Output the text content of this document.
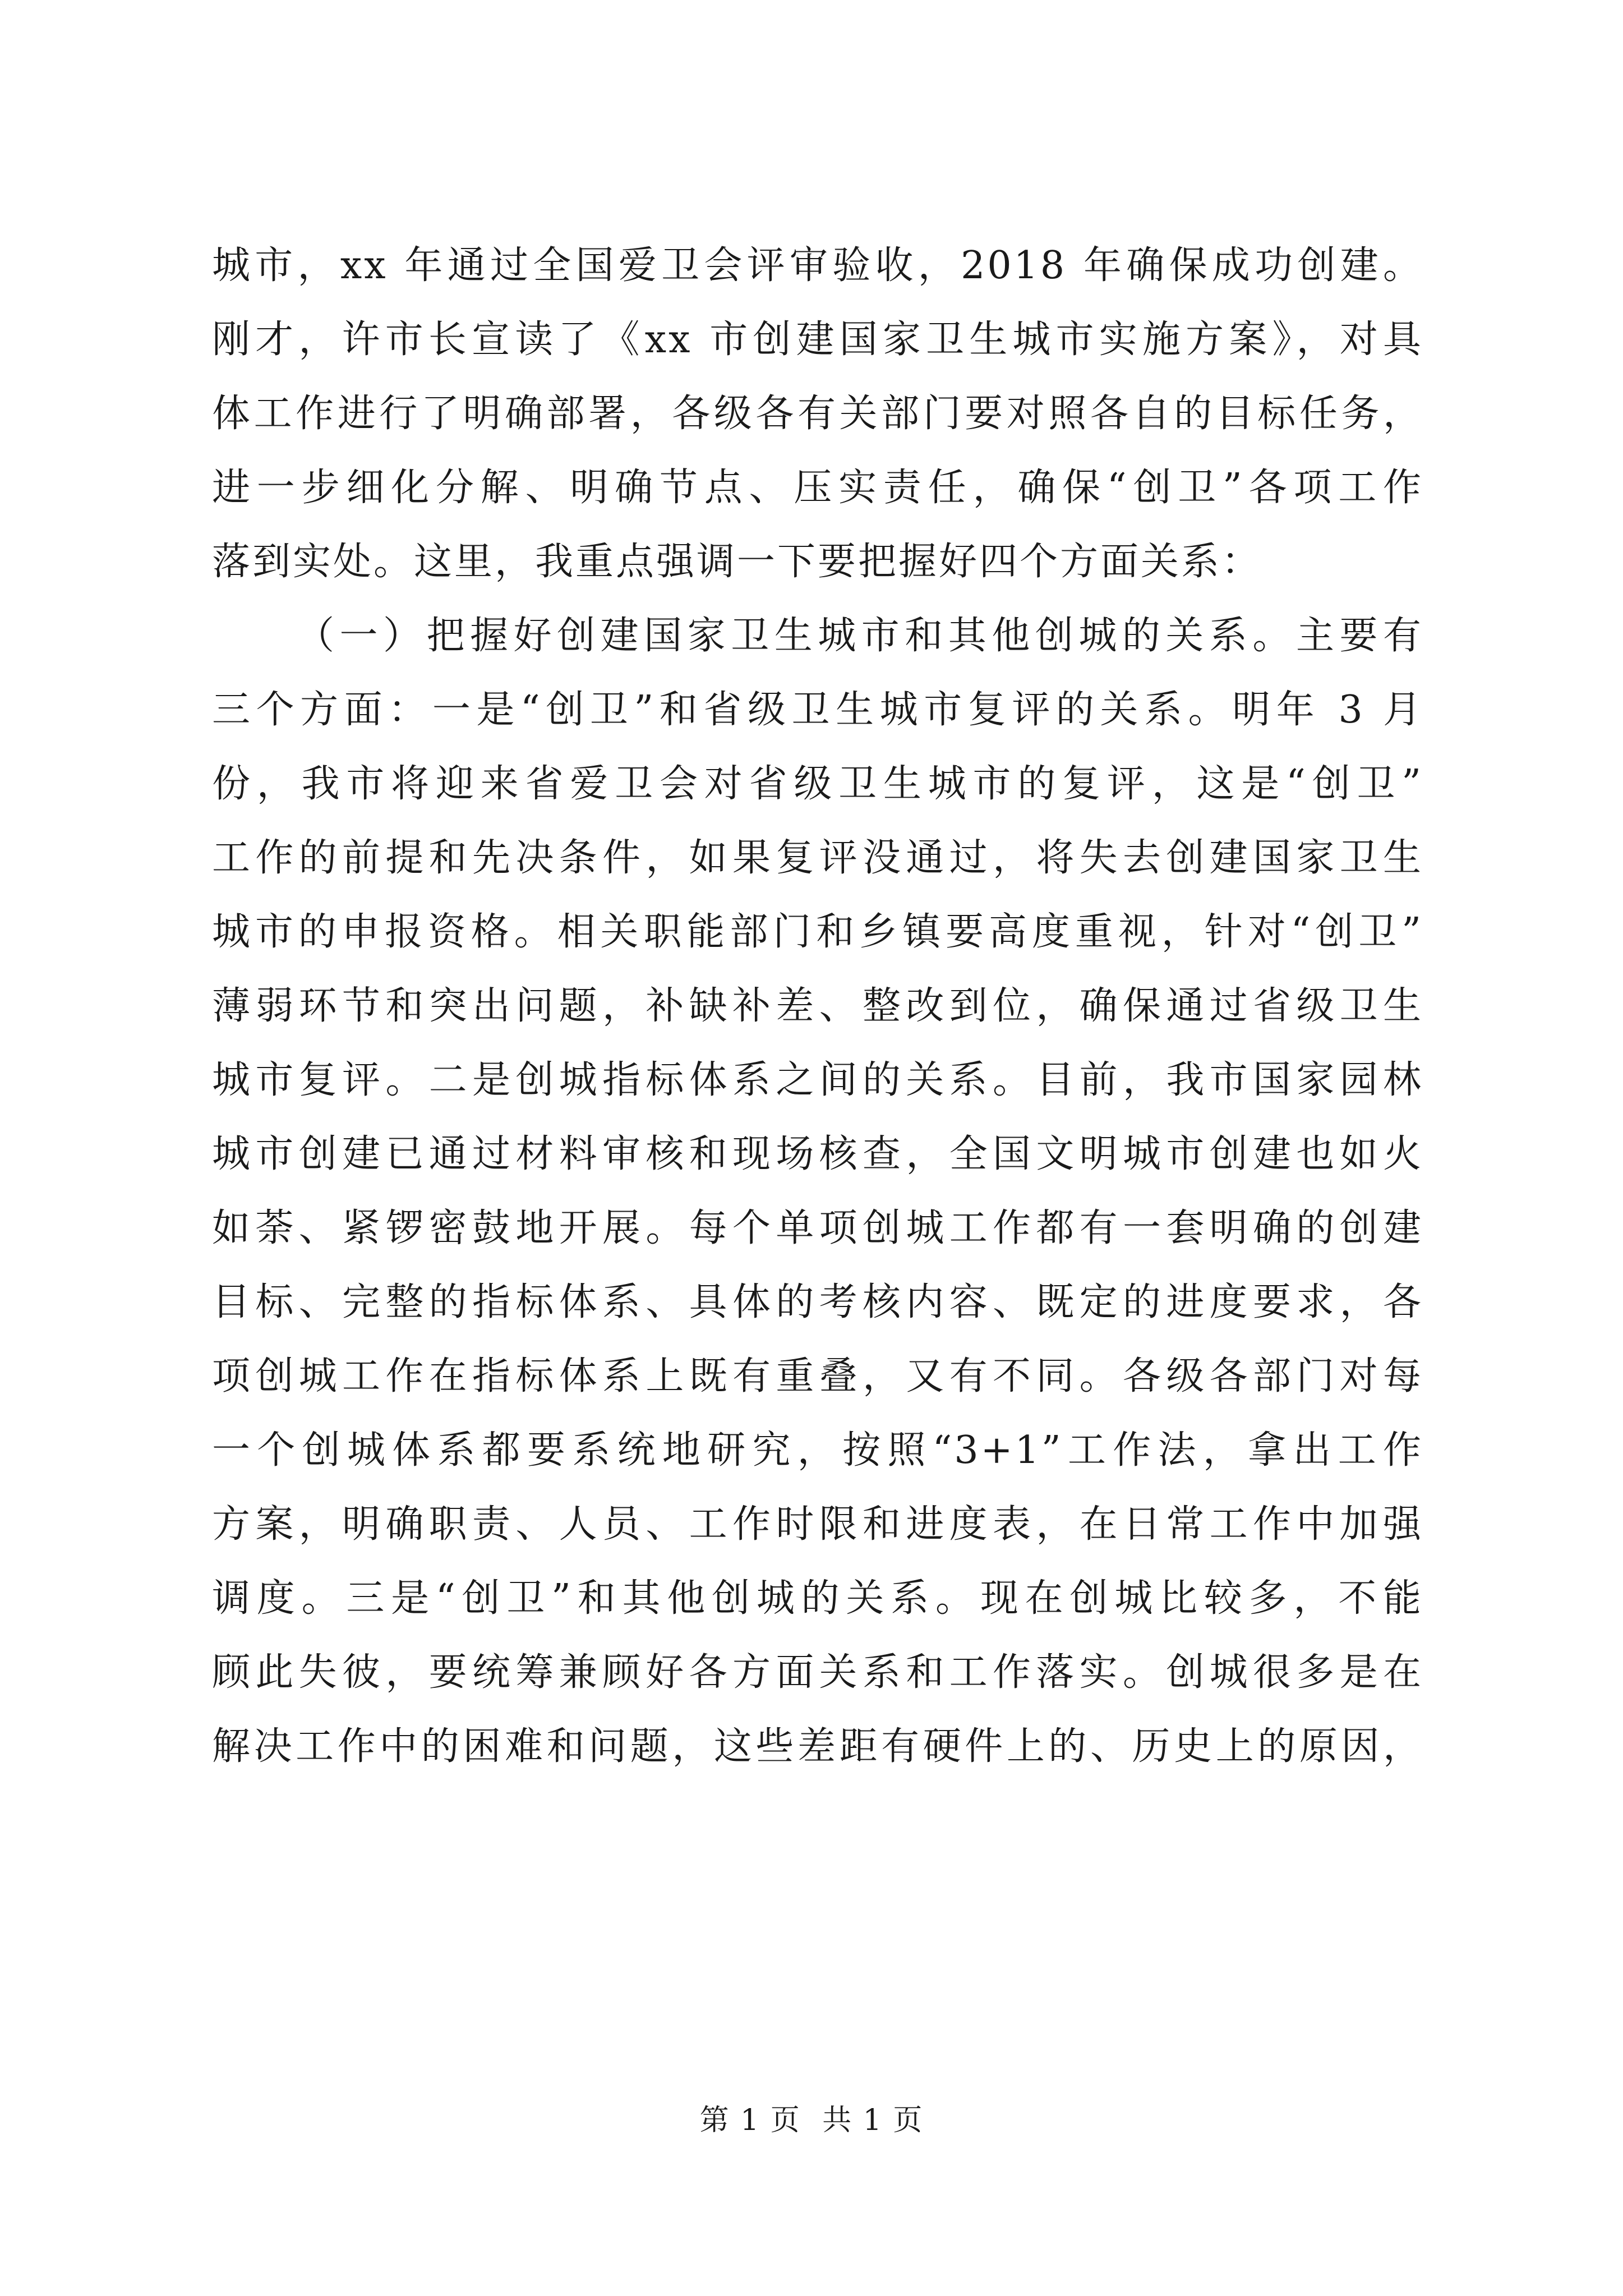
城市，xx 年通过全国爱卫会评审验收，2018 年确保成功创建。
刚才，许市长宣读了《xx 市创建国家卫生城市实施方案》，对具
体工作进行了明确部署，各级各有关部门要对照各自的目标任务，
进一步细化分解、明确节点、压实责任，确保“创卫”各项工作
落到实处。这里，我重点强调一下要把握好四个方面关系：
（一）把握好创建国家卫生城市和其他创城的关系。主要有
三个方面：一是“创卫”和省级卫生城市复评的关系。明年 3 月
份，我市将迎来省爱卫会对省级卫生城市的复评，这是“创卫”
工作的前提和先决条件，如果复评没通过，将失去创建国家卫生
城市的申报资格。相关职能部门和乡镇要高度重视，针对“创卫”
薄弱环节和突出问题，补缺补差、整改到位，确保通过省级卫生
城市复评。二是创城指标体系之间的关系。目前，我市国家园林
城市创建已通过材料审核和现场核查，全国文明城市创建也如火
如荼、紧锣密鼓地开展。每个单项创城工作都有一套明确的创建
目标、完整的指标体系、具体的考核内容、既定的进度要求，各
项创城工作在指标体系上既有重叠，又有不同。各级各部门对每
一个创城体系都要系统地研究，按照“3+1”工作法，拿出工作
方案，明确职责、人员、工作时限和进度表，在日常工作中加强
调度。三是“创卫”和其他创城的关系。现在创城比较多，不能
顾此失彼，要统筹兼顾好各方面关系和工作落实。创城很多是在
解决工作中的困难和问题，这些差距有硬件上的、历史上的原因，
第 1 页 共 1 页
